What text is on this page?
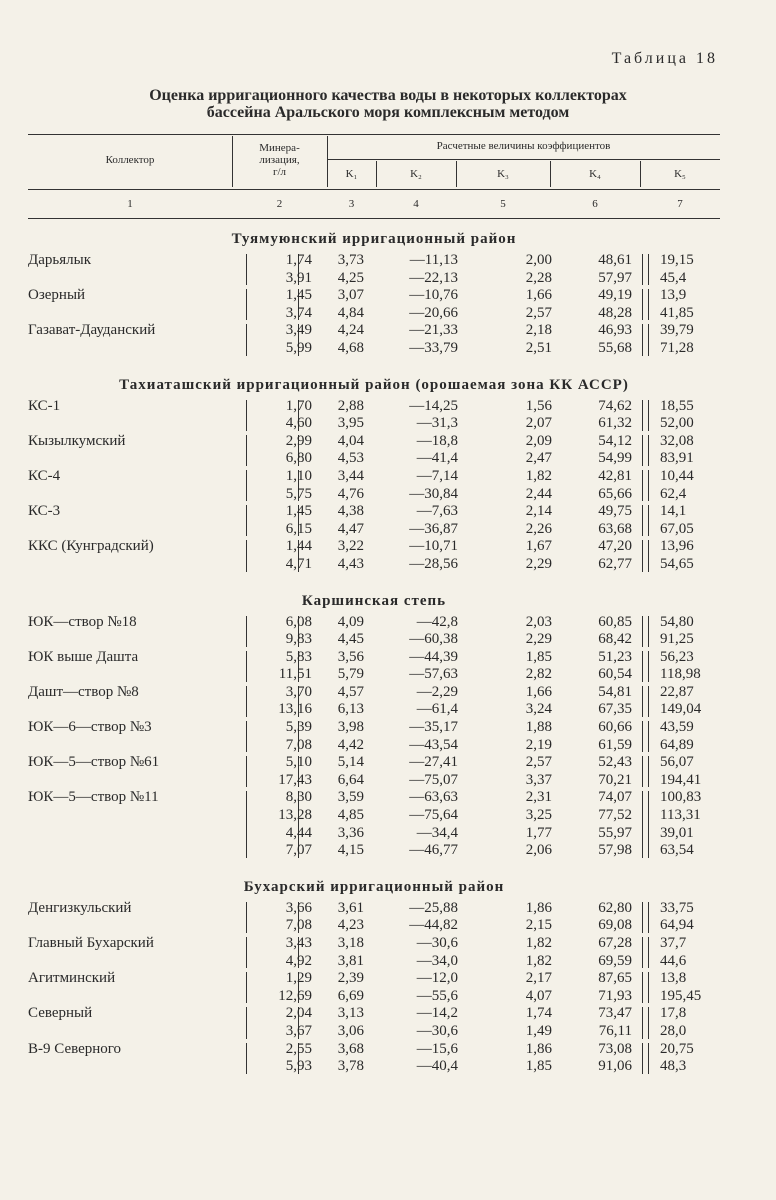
Таблица 18
Оценка ирригационного качества воды в некоторых коллекторах
бассейна Аральского моря комплексным методом
Коллектор
Минера-
лизация,
г/л
Расчетные величины коэффициентов
K₁	K₂	K₃	K₄	K₅
1	2	3	4	5	6	7
Туямуюнский ирригационный район
Дарьялык	1,74 3,73	—11,13	2,00	48,61 19,15
3,91 4,25	—22,13	2,28	57,97 45,4
Озерный	1,45 3,07	—10,76	1,66	49,19 13,9
3,74 4,84	—20,66	2,57	48,28 41,85
Газават-Дауданский	3,49 4,24	—21,33	2,18	46,93 39,79
5,99 4,68	—33,79	2,51	55,68 71,28
Тахиаташский ирригационный район (орошаемая зона КК АССР)
КС-1	1,70 2,88	—14,25	1,56	74,62 18,55
4,60 3,95	—31,3	2,07	61,32 52,00
Кызылкумский	2,99 4,04	—18,8	2,09	54,12 32,08
6,80 4,53	—41,4	2,47	54,99 83,91
КС-4	1,10 3,44	—7,14	1,82	42,81 10,44
5,75 4,76	—30,84	2,44	65,66 62,4
КС-3	1,45 4,38	—7,63	2,14	49,75 14,1
6,15 4,47	—36,87	2,26	63,68 67,05
ККС (Кунградский)	1,44 3,22	—10,71	1,67	47,20 13,96
4,71 4,43	—28,56	2,29	62,77 54,65
Каршинская степь
ЮК—створ №18	6,08 4,09	—42,8	2,03	60,85 54,80
9,83 4,45	—60,38	2,29	68,42 91,25
ЮК выше Дашта	5,83 3,56	—44,39	1,85	51,23 56,23
11,51 5,79	—57,63	2,82	60,54 118,98
Дашт—створ №8	3,70 4,57	—2,29	1,66	54,81 22,87
13,16 6,13	—61,4	3,24	67,35 149,04
ЮК—6—створ №3	5,39 3,98	—35,17	1,88	60,66 43,59
7,08 4,42	—43,54	2,19	61,59 64,89
ЮК—5—створ №61	5,10 5,14	—27,41	2,57	52,43 56,07
17,43 6,64	—75,07	3,37	70,21 194,41
ЮК—5—створ №11	8,30 3,59	—63,63	2,31	74,07 100,83
13,28 4,85	—75,64	3,25	77,52 113,31
4,44 3,36	—34,4	1,77	55,97 39,01
7,07 4,15	—46,77	2,06	57,98 63,54
Бухарский ирригационный район
Денгизкульский	3,66 3,61	—25,88	1,86	62,80 33,75
7,08 4,23	—44,82	2,15	69,08 64,94
Главный Бухарский	3,43 3,18	—30,6	1,82	67,28 37,7
4,92 3,81	—34,0	1,82	69,59 44,6
Агитминский	1,29 2,39	—12,0	2,17	87,65 13,8
12,69 6,69	—55,6	4,07	71,93 195,45
Северный	2,04 3,13	—14,2	1,74	73,47 17,8
3,67 3,06	—30,6	1,49	76,11 28,0
В-9 Северного	2,55 3,68	—15,6	1,86	73,08 20,75
5,93 3,78	—40,4	1,85	91,06 48,3
